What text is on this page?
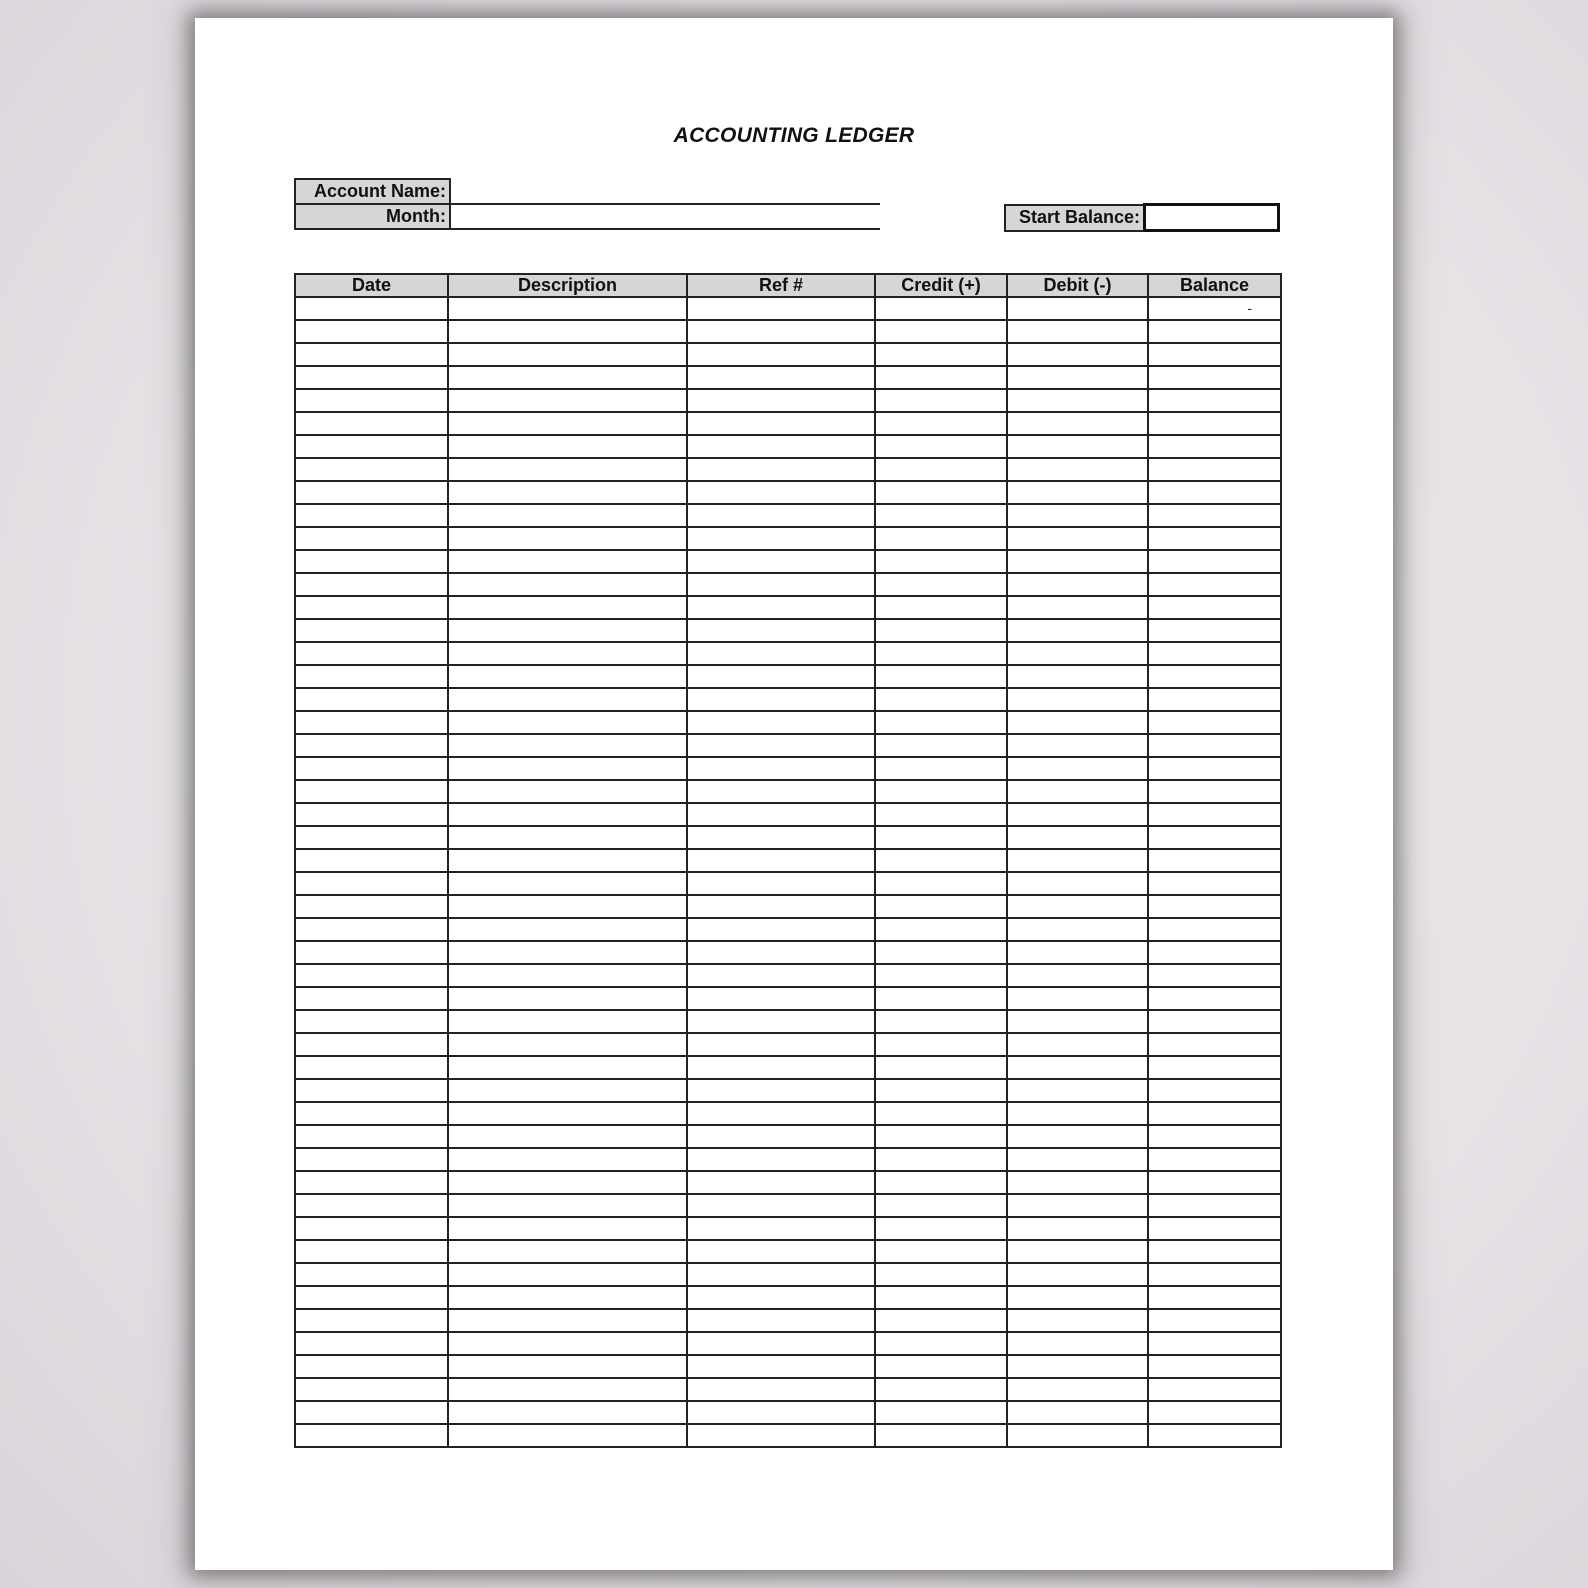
ACCOUNTING LEDGER
Account Name:	
Month:		Start Balance:	
Date	Description	Ref #	Credit (+)	Debit (-)	Balance
					-
